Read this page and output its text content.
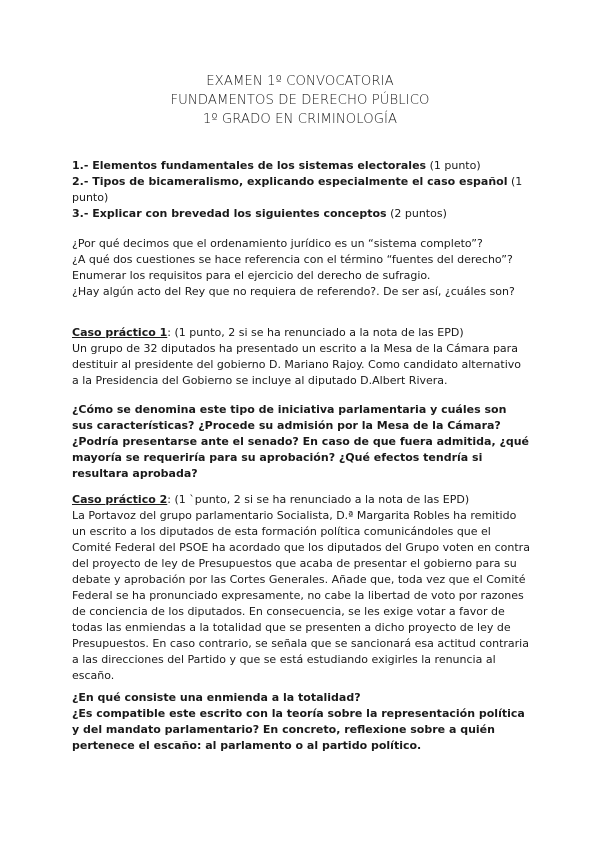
EXAMEN 1º CONVOCATORIA
FUNDAMENTOS DE DERECHO PÚBLICO
1º GRADO EN CRIMINOLOGÍA

1.- Elementos fundamentales de los sistemas electorales (1 punto)

2.- Tipos de bicameralismo, explicando especialmente el caso español (1 punto)

3.- Explicar con brevedad los siguientes conceptos (2 puntos)

¿Por qué decimos que el ordenamiento jurídico es un “sistema completo”?

¿A qué dos cuestiones se hace referencia con el término “fuentes del derecho”?

Enumerar los requisitos para el ejercicio del derecho de sufragio.

¿Hay algún acto del Rey que no requiera de referendo?. De ser así, ¿cuáles son?

Caso práctico 1: (1 punto, 2 si se ha renunciado a la nota de las EPD)

Un grupo de 32 diputados ha presentado un escrito a la Mesa de la Cámara para destituir al presidente del gobierno D. Mariano Rajoy. Como candidato alternativo a la Presidencia del Gobierno se incluye al diputado D.Albert Rivera.

¿Cómo se denomina este tipo de iniciativa parlamentaria y cuáles son sus características? ¿Procede su admisión por la Mesa de la Cámara? ¿Podría presentarse ante el senado? En caso de que fuera admitida, ¿qué mayoría se requeriría para su aprobación? ¿Qué efectos tendría si resultara aprobada?

Caso práctico 2: (1 `punto, 2 si se ha renunciado a la nota de las EPD)

La Portavoz del grupo parlamentario Socialista, D.ª Margarita Robles ha remitido un escrito a los diputados de esta formación política comunicándoles que el Comité Federal del PSOE ha acordado que los diputados del Grupo voten en contra del proyecto de ley de Presupuestos que acaba de presentar el gobierno para su debate y aprobación por las Cortes Generales. Añade que, toda vez que el Comité Federal se ha pronunciado expresamente, no cabe la libertad de voto por razones de conciencia de los diputados. En consecuencia, se les exige votar a favor de todas las enmiendas a la totalidad que se presenten a dicho proyecto de ley de Presupuestos. En caso contrario, se señala que se sancionará esa actitud contraria a las direcciones del Partido y que se está estudiando exigirles la renuncia al escaño.

¿En qué consiste una enmienda a la totalidad?

¿Es compatible este escrito con la teoría sobre la representación política y del mandato parlamentario? En concreto, reflexione sobre a quién pertenece el escaño: al parlamento o al partido político.
